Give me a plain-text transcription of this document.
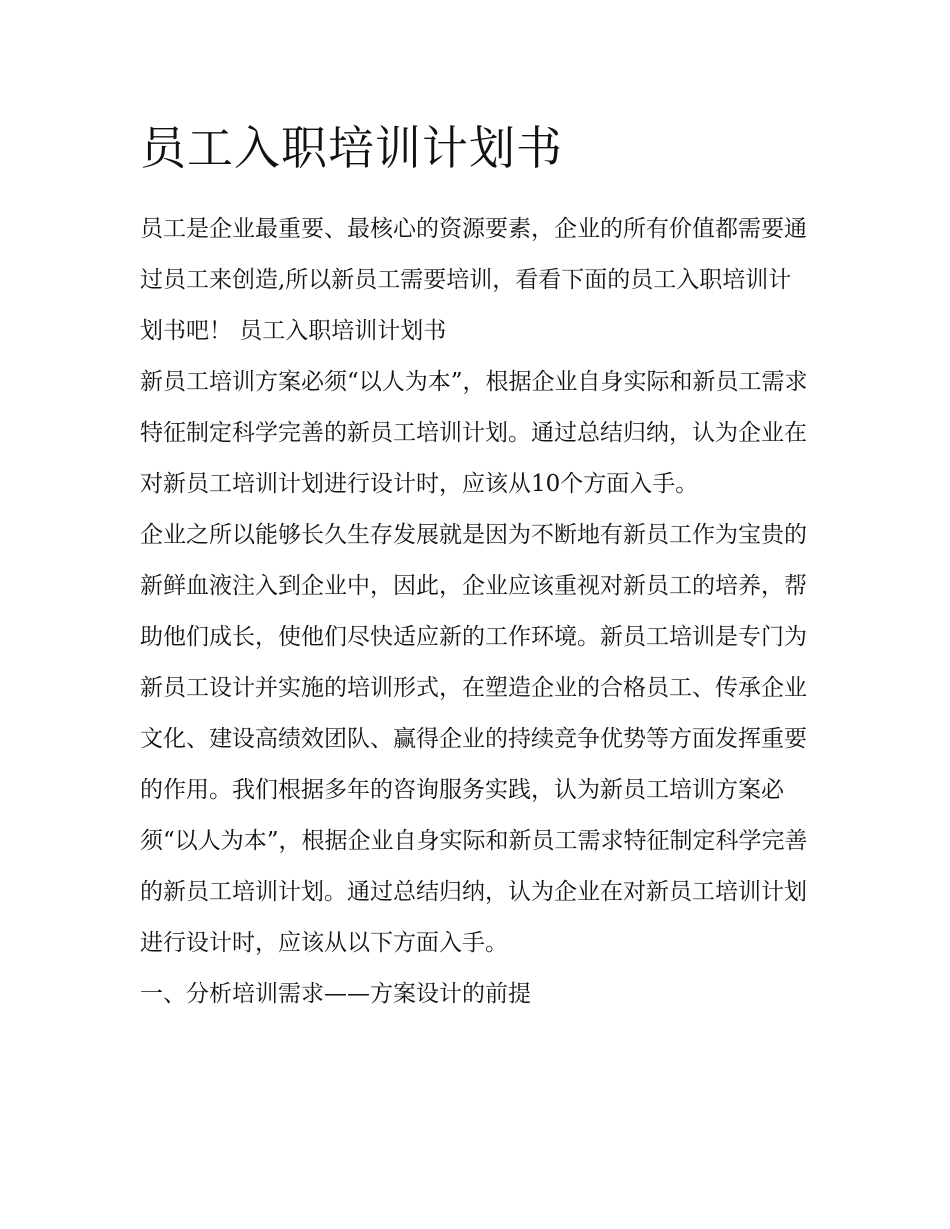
员工入职培训计划书

员工是企业最重要、最核心的资源要素，企业的所有价值都需要通过员工来创造,所以新员工需要培训，看看下面的员工入职培训计划书吧！ 员工入职培训计划书

新员工培训方案必须“以人为本”，根据企业自身实际和新员工需求特征制定科学完善的新员工培训计划。通过总结归纳，认为企业在对新员工培训计划进行设计时，应该从10个方面入手。

企业之所以能够长久生存发展就是因为不断地有新员工作为宝贵的新鲜血液注入到企业中，因此，企业应该重视对新员工的培养，帮助他们成长，使他们尽快适应新的工作环境。新员工培训是专门为新员工设计并实施的培训形式，在塑造企业的合格员工、传承企业文化、建设高绩效团队、赢得企业的持续竞争优势等方面发挥重要的作用。我们根据多年的咨询服务实践，认为新员工培训方案必须“以人为本”，根据企业自身实际和新员工需求特征制定科学完善的新员工培训计划。通过总结归纳，认为企业在对新员工培训计划进行设计时，应该从以下方面入手。

一、分析培训需求——方案设计的前提
